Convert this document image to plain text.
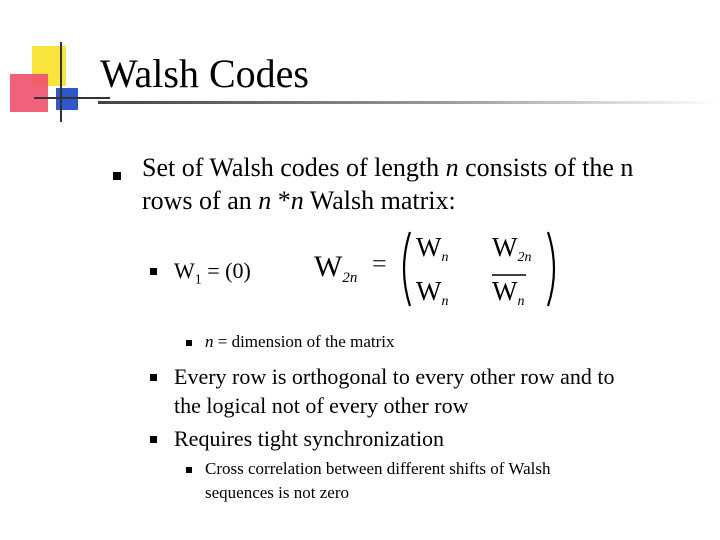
Walsh Codes
Set of Walsh codes of length n consists of the n
rows of an n *n Walsh matrix:
$W_1 = (0) W_{2n}$ =
Wn W2n
Wn Wn
n = dimension of the matrix
Every row is orthogonal to every other row and to
the logical not of every other row
Requires tight synchronization
Cross correlation between different shifts of Walsh
sequences is not zero
